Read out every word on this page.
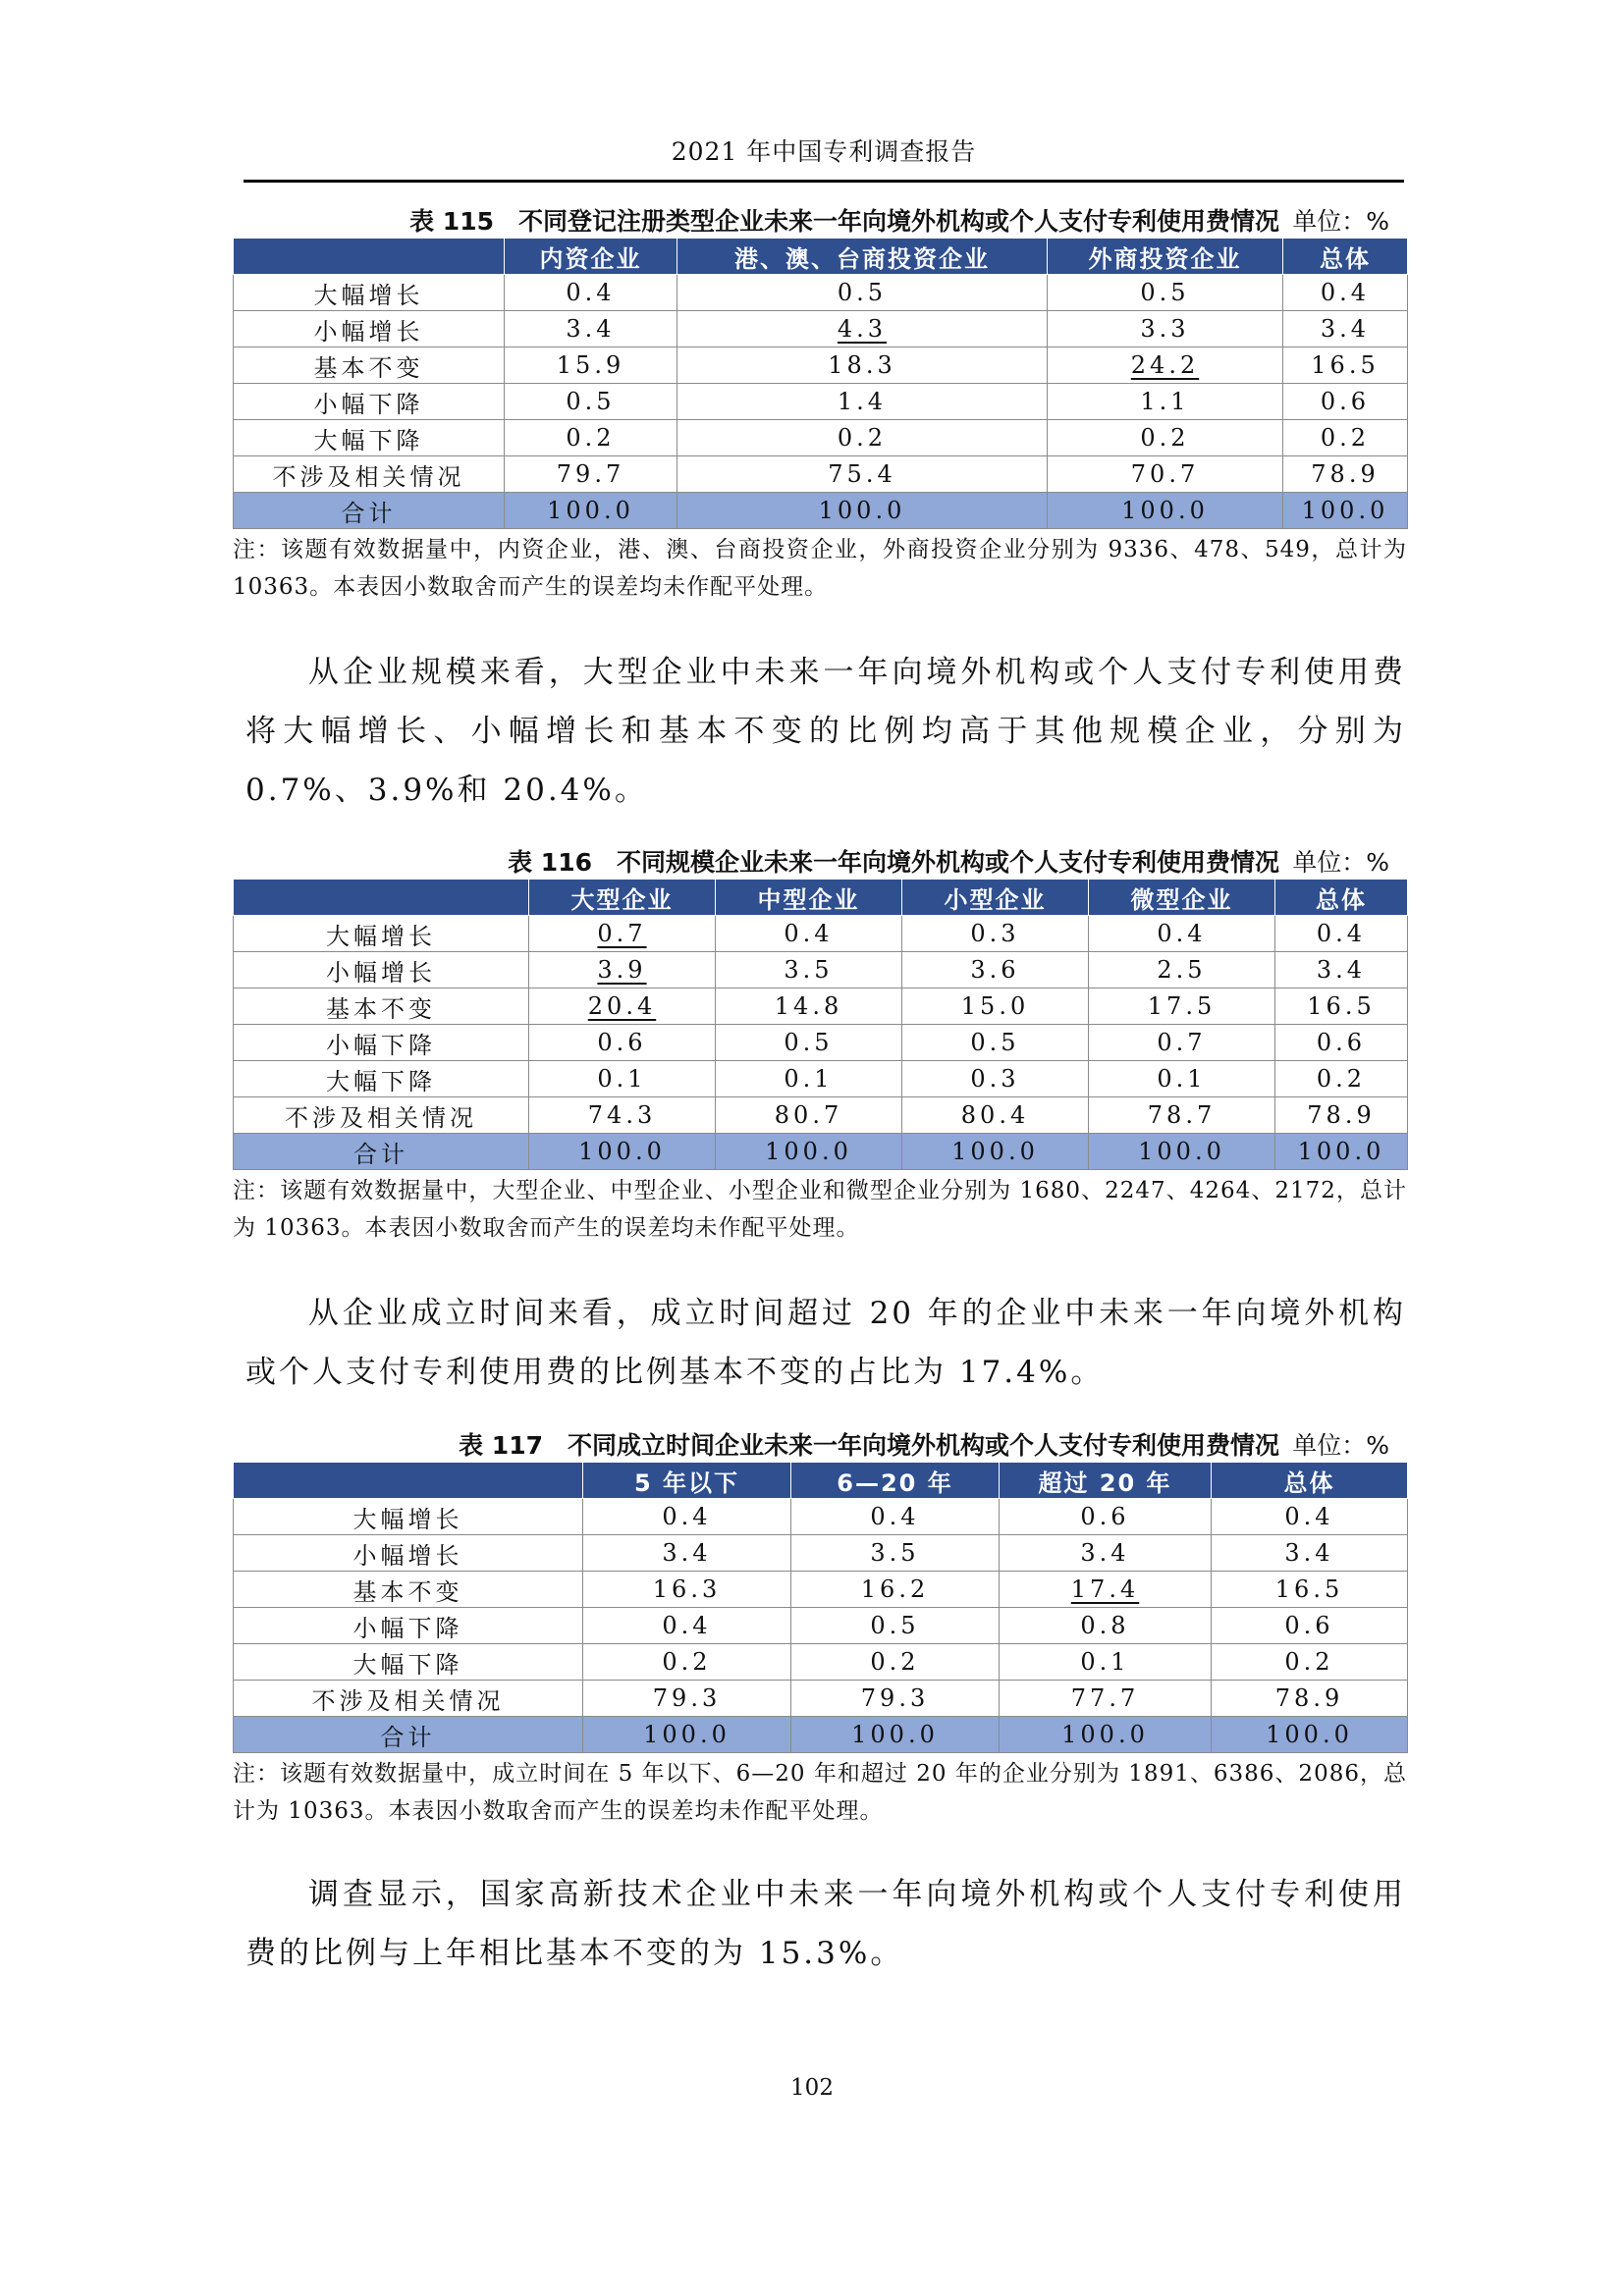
2021 年中国专利调查报告
表 115　不同登记注册类型企业未来一年向境外机构或个人支付专利使用费情况 单位：%
	内资企业	港、澳、台商投资企业	外商投资企业	总体
大幅增长	0.4	0.5	0.5	0.4
小幅增长	3.4	4.3	3.3	3.4
基本不变	15.9	18.3	24.2	16.5
小幅下降	0.5	1.4	1.1	0.6
大幅下降	0.2	0.2	0.2	0.2
不涉及相关情况	79.7	75.4	70.7	78.9
合计	100.0	100.0	100.0	100.0
注：该题有效数据量中，内资企业，港、澳、台商投资企业，外商投资企业分别为 9336、478、549，总计为 10363。本表因小数取舍而产生的误差均未作配平处理。
从企业规模来看，大型企业中未来一年向境外机构或个人支付专利使用费将大幅增长、小幅增长和基本不变的比例均高于其他规模企业，分别为 0.7%、3.9%和 20.4%。
表 116　不同规模企业未来一年向境外机构或个人支付专利使用费情况 单位：%
	大型企业	中型企业	小型企业	微型企业	总体
大幅增长	0.7	0.4	0.3	0.4	0.4
小幅增长	3.9	3.5	3.6	2.5	3.4
基本不变	20.4	14.8	15.0	17.5	16.5
小幅下降	0.6	0.5	0.5	0.7	0.6
大幅下降	0.1	0.1	0.3	0.1	0.2
不涉及相关情况	74.3	80.7	80.4	78.7	78.9
合计	100.0	100.0	100.0	100.0	100.0
注：该题有效数据量中，大型企业、中型企业、小型企业和微型企业分别为 1680、2247、4264、2172，总计为 10363。本表因小数取舍而产生的误差均未作配平处理。
从企业成立时间来看，成立时间超过 20 年的企业中未来一年向境外机构或个人支付专利使用费的比例基本不变的占比为 17.4%。
表 117　不同成立时间企业未来一年向境外机构或个人支付专利使用费情况 单位：%
	5 年以下	6—20 年	超过 20 年	总体
大幅增长	0.4	0.4	0.6	0.4
小幅增长	3.4	3.5	3.4	3.4
基本不变	16.3	16.2	17.4	16.5
小幅下降	0.4	0.5	0.8	0.6
大幅下降	0.2	0.2	0.1	0.2
不涉及相关情况	79.3	79.3	77.7	78.9
合计	100.0	100.0	100.0	100.0
注：该题有效数据量中，成立时间在 5 年以下、6—20 年和超过 20 年的企业分别为 1891、6386、2086，总计为 10363。本表因小数取舍而产生的误差均未作配平处理。
调查显示，国家高新技术企业中未来一年向境外机构或个人支付专利使用费的比例与上年相比基本不变的为 15.3%。
102
